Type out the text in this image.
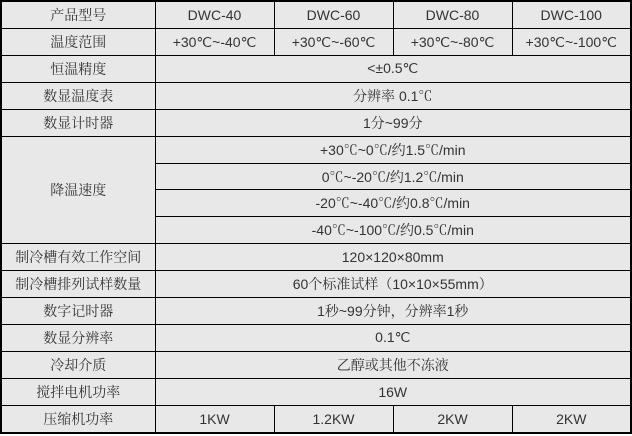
产品型号	DWC-40	DWC-60	DWC-80	DWC-100
温度范围	+30℃~-40℃	+30℃~-60℃	+30℃~-80℃	+30℃~-100℃
恒温精度	<±0.5℃			
数显温度表	分辨率 0.1℃			
数显计时器	1分~99分			
降温速度	+30℃~0℃/约1.5℃/min			
	0℃~-20℃/约1.2℃/min			
	-20℃~-40℃/约0.8℃/min			
	-40℃~-100℃/约0.5℃/min			
制冷槽有效工作空间	120×120×80mm			
制冷槽排列试样数量	60个标准试样（10×10×55mm）			
数字记时器	1秒~99分钟，分辨率1秒			
数显分辨率	0.1℃			
冷却介质	乙醇或其他不冻液			
搅拌电机功率	16W			
压缩机功率	1KW	1.2KW	2KW	2KW
